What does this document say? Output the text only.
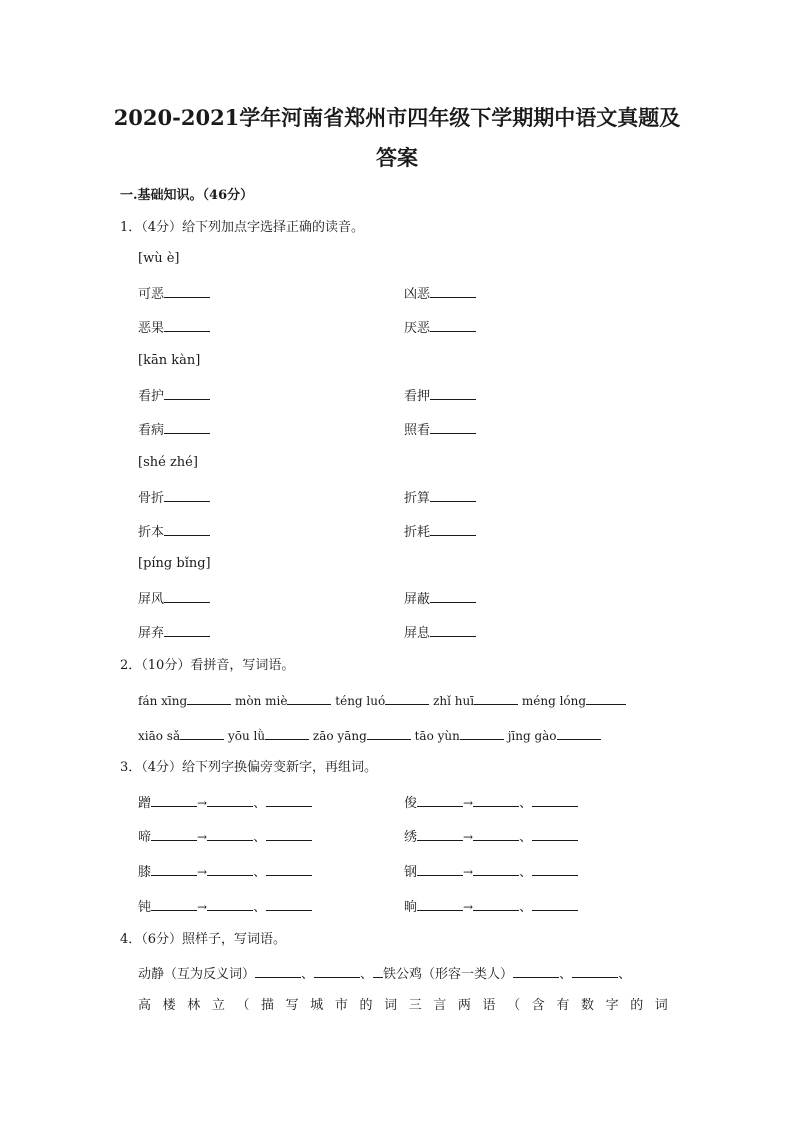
2020-2021学年河南省郑州市四年级下学期期中语文真题及
答案
一.基础知识。（46分）
1．（4分）给下列加点字选择正确的读音。
[wù è]
可恶	凶恶
恶果	厌恶
[kān kàn]
看护	看押
看病	照看
[shé zhé]
骨折	折算
折本	折耗
[píng bǐng]
屏风	屏蔽
屏弃	屏息
2．（10分）看拼音，写词语。
fán xīng	mòn miè	téng luó	zhǐ huī	méng lóng
xiāo sǎ	yōu lǜ	zāo yāng	tāo yùn	jīng gào
3．（4分）给下列字换偏旁变新字，再组词。
蹭	→	、	俊	→	、
啼	→	、	绣	→	、
膝	→	、	钢	→	、
钝	→	、	晌	→	、
4．（6分）照样子，写词语。
动静（互为反义词）	、	、 铁公鸡（形容一类人）	、	、
高 楼 林 立 （ 描 写 城 市 的 词 三 言 两 语 （ 含 有 数 字 的 词
